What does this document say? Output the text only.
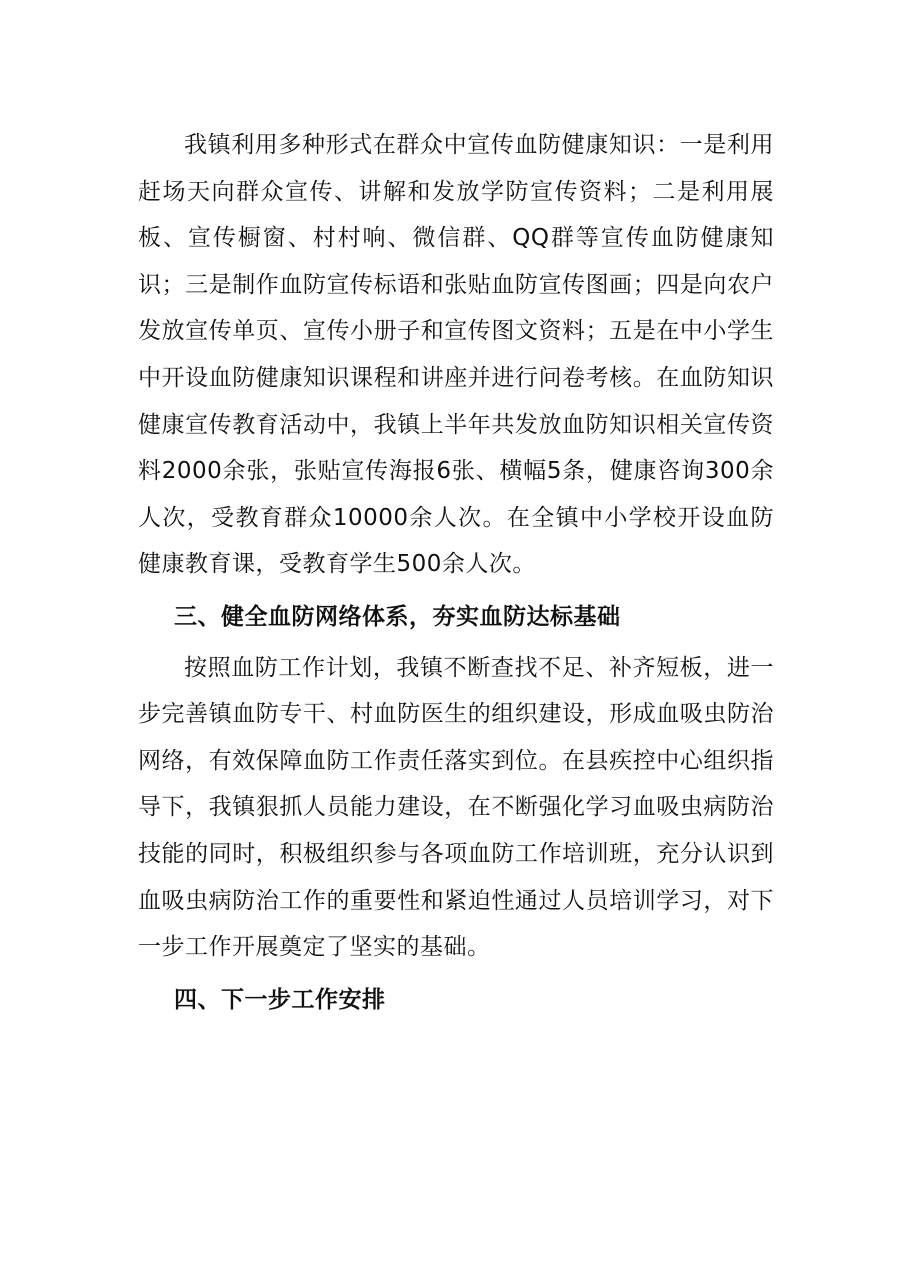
我镇利用多种形式在群众中宣传血防健康知识：一是利用赶场天向群众宣传、讲解和发放学防宣传资料；二是利用展板、宣传橱窗、村村响、微信群、QQ群等宣传血防健康知识；三是制作血防宣传标语和张贴血防宣传图画；四是向农户发放宣传单页、宣传小册子和宣传图文资料；五是在中小学生中开设血防健康知识课程和讲座并进行问卷考核。在血防知识健康宣传教育活动中，我镇上半年共发放血防知识相关宣传资料2000余张，张贴宣传海报6张、横幅5条，健康咨询300余人次，受教育群众10000余人次。在全镇中小学校开设血防健康教育课，受教育学生500余人次。

三、健全血防网络体系，夯实血防达标基础

按照血防工作计划，我镇不断查找不足、补齐短板，进一步完善镇血防专干、村血防医生的组织建设，形成血吸虫防治网络，有效保障血防工作责任落实到位。在县疾控中心组织指导下，我镇狠抓人员能力建设，在不断强化学习血吸虫病防治技能的同时，积极组织参与各项血防工作培训班，充分认识到血吸虫病防治工作的重要性和紧迫性通过人员培训学习，对下一步工作开展奠定了坚实的基础。

四、下一步工作安排
